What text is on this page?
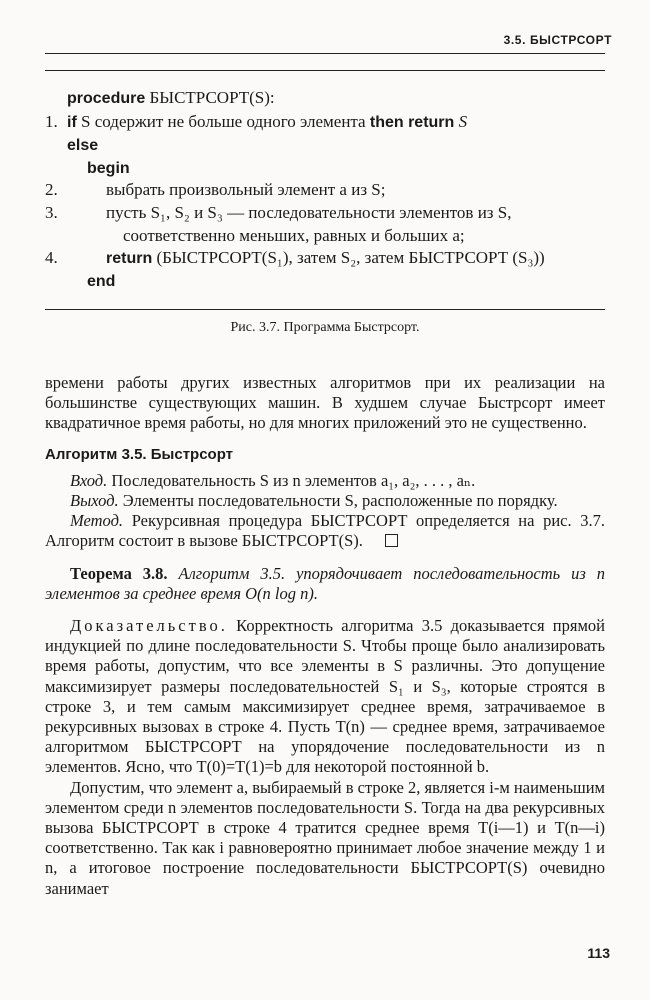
3.5. БЫСТРСОРТ
procedure БЫСТРСОРТ(S):
1. if S содержит не больше одного элемента then return S
else
begin
2.	выбрать произвольный элемент a из S;
3.	пусть S₁, S₂ и S₃ — последовательности элементов из S,
соответственно меньших, равных и больших a;
4.	return (БЫСТРСОРТ(S₁), затем S₂, затем БЫСТРСОРТ (S₃))
end
Рис. 3.7. Программа Быстрсорт.

времени работы других известных алгоритмов при их реализации на большинстве существующих машин. В худшем случае Быстрсорт имеет квадратичное время работы, но для многих приложений это не существенно.

Алгоритм 3.5. Быстрсорт

Вход. Последовательность S из n элементов a₁, a₂, . . . , aₙ.

Выход. Элементы последовательности S, расположенные по порядку.

Метод. Рекурсивная процедура БЫСТРСОРТ определяется на рис. 3.7. Алгоритм состоит в вызове БЫСТРСОРТ(S).

Теорема 3.8. Алгоритм 3.5. упорядочивает последовательность из n элементов за среднее время O(n log n).

Доказательство. Корректность алгоритма 3.5 доказывается прямой индукцией по длине последовательности S. Чтобы проще было анализировать время работы, допустим, что все элементы в S различны. Это допущение максимизирует размеры последовательностей S₁ и S₃, которые строятся в строке 3, и тем самым максимизирует среднее время, затрачиваемое в рекурсивных вызовах в строке 4. Пусть T(n) — среднее время, затрачиваемое алгоритмом БЫСТРСОРТ на упорядочение последовательности из n элементов. Ясно, что T(0)=T(1)=b для некоторой постоянной b.

Допустим, что элемент a, выбираемый в строке 2, является i-м наименьшим элементом среди n элементов последовательности S. Тогда на два рекурсивных вызова БЫСТРСОРТ в строке 4 тратится среднее время T(i—1) и T(n—i) соответственно. Так как i равновероятно принимает любое значение между 1 и n, а итоговое построение последовательности БЫСТРСОРТ(S) очевидно занимает

113
